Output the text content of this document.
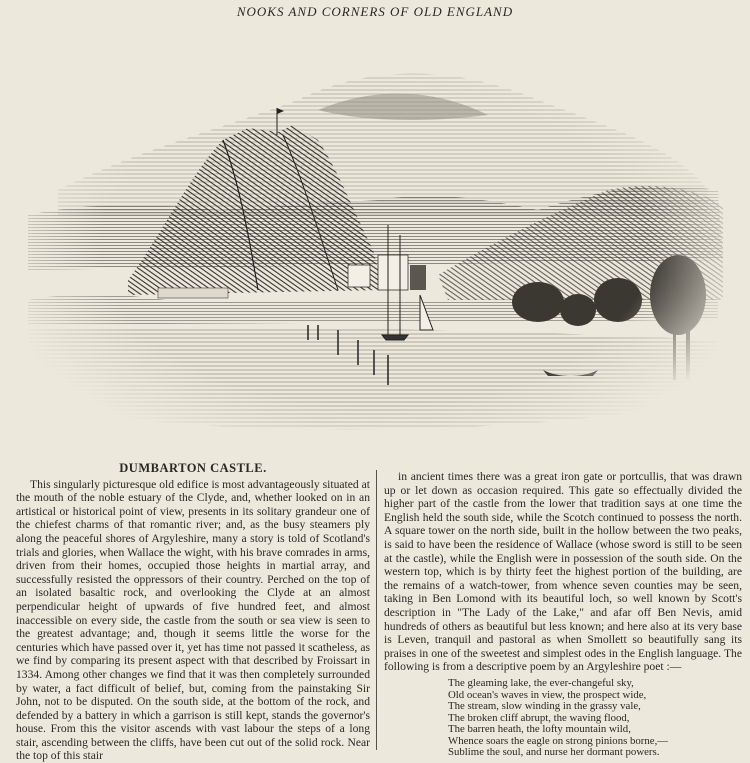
NOOKS AND CORNERS OF OLD ENGLAND
DUMBARTON CASTLE.

This singularly picturesque old edifice is most advantageously situated at the mouth of the noble estuary of the Clyde, and, whether looked on in an artistical or historical point of view, presents in its solitary grandeur one of the chiefest charms of that romantic river; and, as the busy steamers ply along the peaceful shores of Argyleshire, many a story is told of Scotland's trials and glories, when Wallace the wight, with his brave comrades in arms, driven from their homes, occupied those heights in martial array, and successfully resisted the oppressors of their country. Perched on the top of an isolated basaltic rock, and overlooking the Clyde at an almost perpendicular height of upwards of five hundred feet, and almost inaccessible on every side, the castle from the south or sea view is seen to the greatest advantage; and, though it seems little the worse for the centuries which have passed over it, yet has time not passed it scatheless, as we find by comparing its present aspect with that described by Froissart in 1334. Among other changes we find that it was then completely surrounded by water, a fact difficult of belief, but, coming from the painstaking Sir John, not to be disputed. On the south side, at the bottom of the rock, and defended by a battery in which a garrison is still kept, stands the governor's house. From this the visitor ascends with vast labour the steps of a long stair, ascending between the cliffs, have been cut out of the solid rock. Near the top of this stair

in ancient times there was a great iron gate or portcullis, that was drawn up or let down as occasion required. This gate so effectually divided the higher part of the castle from the lower that tradition says at one time the English held the south side, while the Scotch continued to possess the north. A square tower on the north side, built in the hollow between the two peaks, is said to have been the residence of Wallace (whose sword is still to be seen at the castle), while the English were in possession of the south side. On the western top, which is by thirty feet the highest portion of the building, are the remains of a watch-tower, from whence seven counties may be seen, taking in Ben Lomond with its beautiful loch, so well known by Scott's description in "The Lady of the Lake," and afar off Ben Nevis, amid hundreds of others as beautiful but less known; and here also at its very base is Leven, tranquil and pastoral as when Smollett so beautifully sang its praises in one of the sweetest and simplest odes in the English language. The following is from a descriptive poem by an Argyleshire poet :—

The gleaming lake, the ever-changeful sky,
Old ocean's waves in view, the prospect wide,
The stream, slow winding in the grassy vale,
The broken cliff abrupt, the waving flood,
The barren heath, the lofty mountain wild,
Whence soars the eagle on strong pinions borne,—
Sublime the soul, and nurse her dormant powers.
